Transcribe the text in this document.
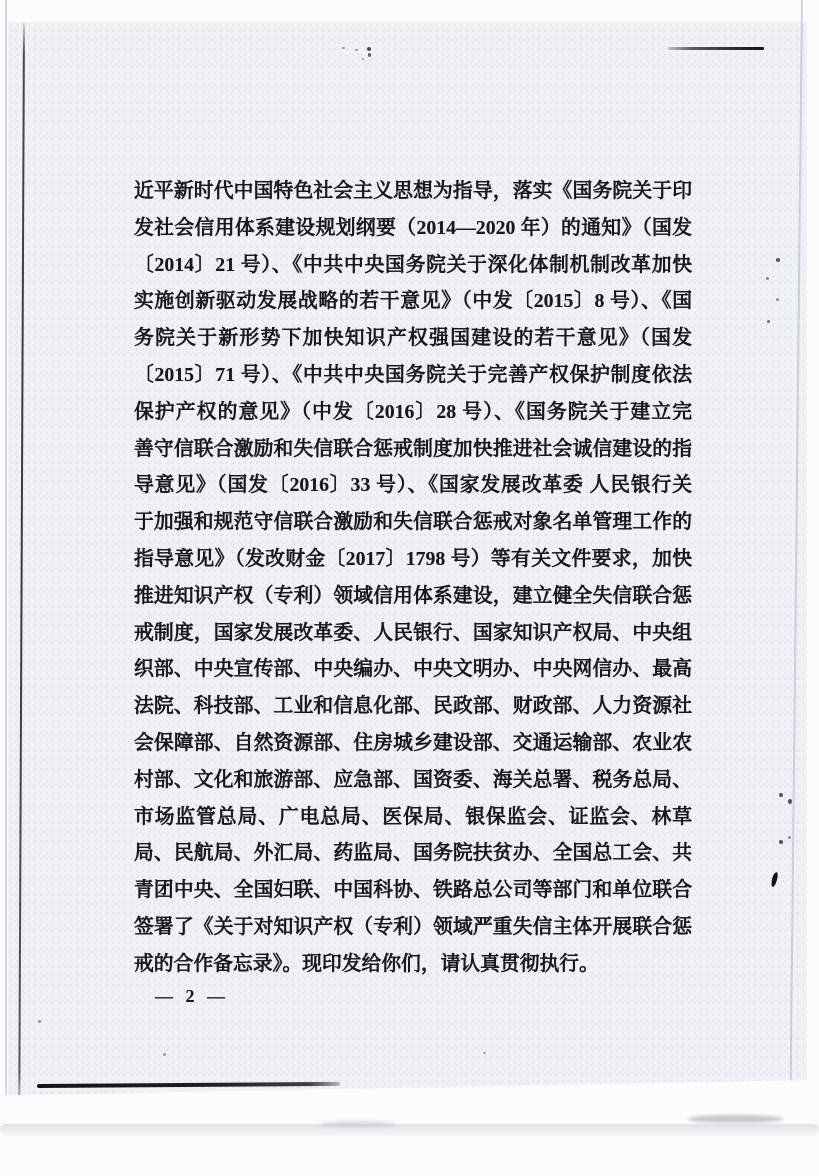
近平新时代中国特色社会主义思想为指导，落实《国务院关于印
发社会信用体系建设规划纲要（2014—2020 年）的通知》（国发
〔2014〕21 号）、《中共中央国务院关于深化体制机制改革加快
实施创新驱动发展战略的若干意见》（中发〔2015〕8 号）、《国
务院关于新形势下加快知识产权强国建设的若干意见》（国发
〔2015〕71 号）、《中共中央国务院关于完善产权保护制度依法
保护产权的意见》（中发〔2016〕28 号）、《国务院关于建立完
善守信联合激励和失信联合惩戒制度加快推进社会诚信建设的指
导意见》（国发〔2016〕33 号）、《国家发展改革委 人民银行关
于加强和规范守信联合激励和失信联合惩戒对象名单管理工作的
指导意见》（发改财金〔2017〕1798 号）等有关文件要求，加快
推进知识产权（专利）领域信用体系建设，建立健全失信联合惩
戒制度，国家发展改革委、人民银行、国家知识产权局、中央组
织部、中央宣传部、中央编办、中央文明办、中央网信办、最高
法院、科技部、工业和信息化部、民政部、财政部、人力资源社
会保障部、自然资源部、住房城乡建设部、交通运输部、农业农
村部、文化和旅游部、应急部、国资委、海关总署、税务总局、
市场监管总局、广电总局、医保局、银保监会、证监会、林草
局、民航局、外汇局、药监局、国务院扶贫办、全国总工会、共
青团中央、全国妇联、中国科协、铁路总公司等部门和单位联合
签署了《关于对知识产权（专利）领域严重失信主体开展联合惩
戒的合作备忘录》。现印发给你们，请认真贯彻执行。
— 2 —
